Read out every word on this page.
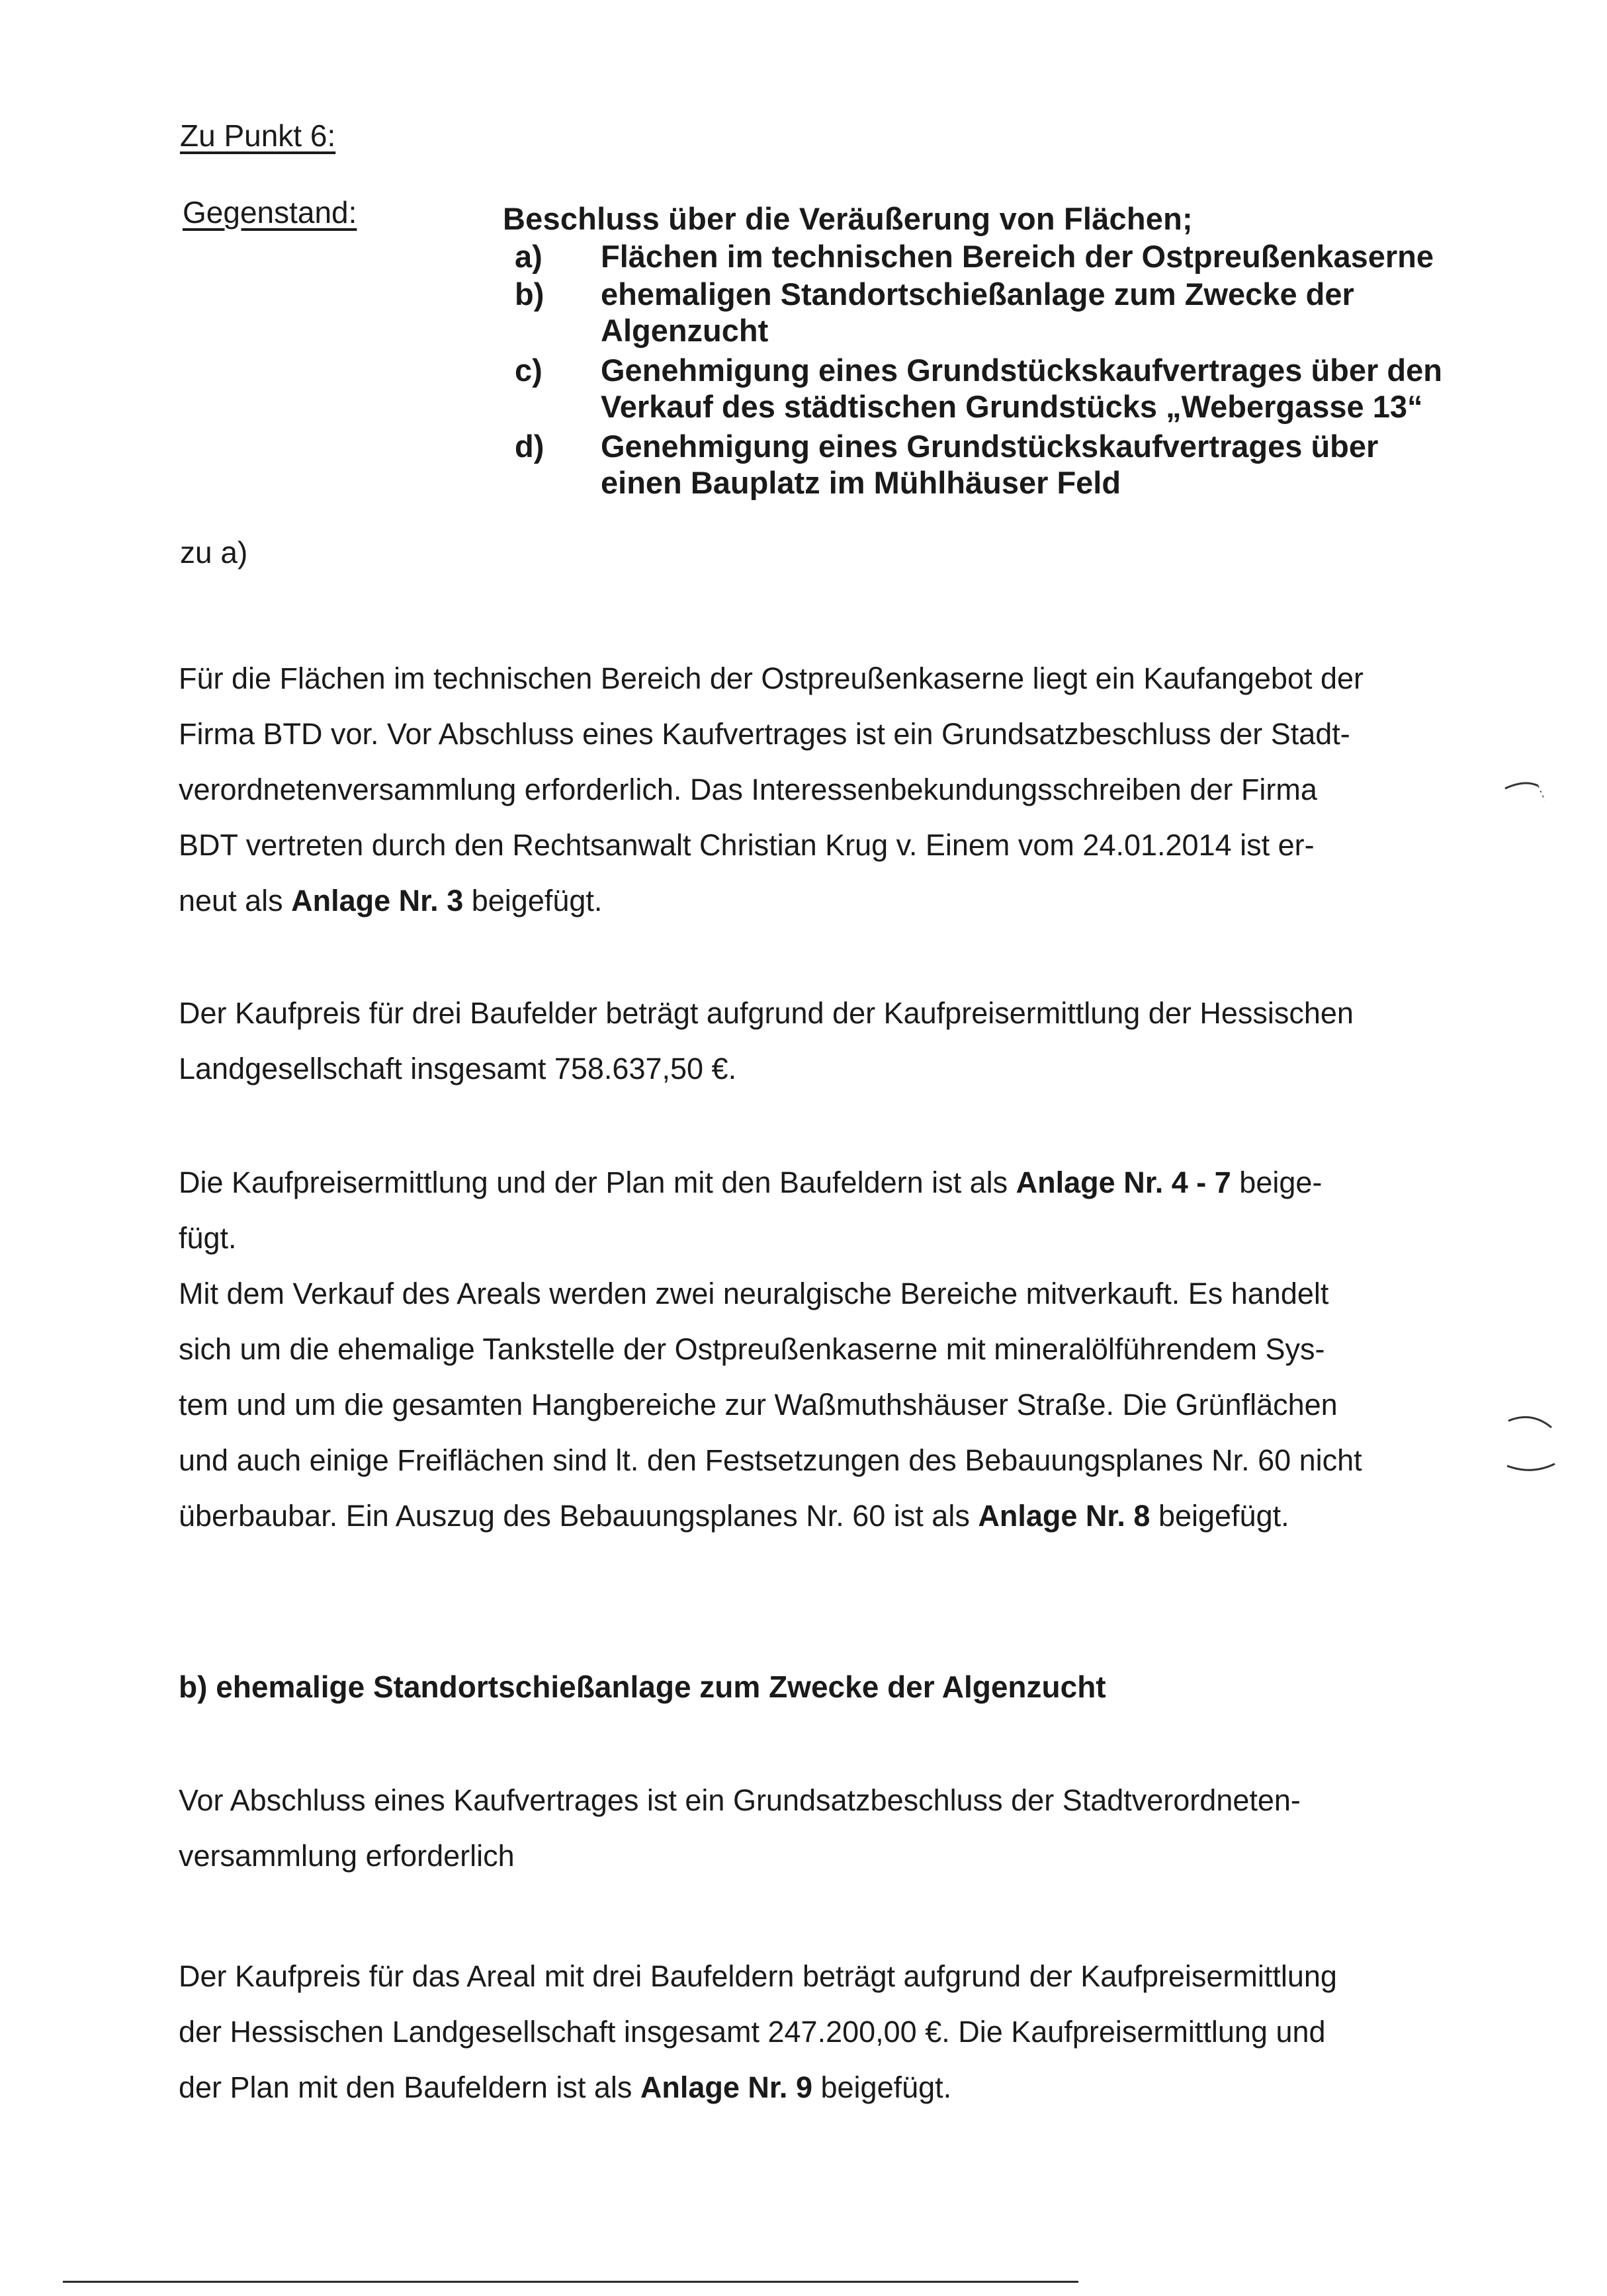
Zu Punkt 6:
Gegenstand:	Beschluss über die Veräußerung von Flächen;
a)	Flächen im technischen Bereich der Ostpreußenkaserne
b)	ehemaligen Standortschießanlage zum Zwecke der
Algenzucht
c)	Genehmigung eines Grundstückskaufvertrages über den
Verkauf des städtischen Grundstücks „Webergasse 13“
d)	Genehmigung eines Grundstückskaufvertrages über
einen Bauplatz im Mühlhäuser Feld
zu a)
Für die Flächen im technischen Bereich der Ostpreußenkaserne liegt ein Kaufangebot der
Firma BTD vor. Vor Abschluss eines Kaufvertrages ist ein Grundsatzbeschluss der Stadt-
verordnetenversammlung erforderlich. Das Interessenbekundungsschreiben der Firma
BDT vertreten durch den Rechtsanwalt Christian Krug v. Einem vom 24.01.2014 ist er-
neut als Anlage Nr. 3 beigefügt.
Der Kaufpreis für drei Baufelder beträgt aufgrund der Kaufpreisermittlung der Hessischen
Landgesellschaft insgesamt 758.637,50 €.
Die Kaufpreisermittlung und der Plan mit den Baufeldern ist als Anlage Nr. 4 - 7 beige-
fügt.
Mit dem Verkauf des Areals werden zwei neuralgische Bereiche mitverkauft. Es handelt
sich um die ehemalige Tankstelle der Ostpreußenkaserne mit mineralölführendem Sys-
tem und um die gesamten Hangbereiche zur Waßmuthshäuser Straße. Die Grünflächen
und auch einige Freiflächen sind lt. den Festsetzungen des Bebauungsplanes Nr. 60 nicht
überbaubar. Ein Auszug des Bebauungsplanes Nr. 60 ist als Anlage Nr. 8 beigefügt.
b) ehemalige Standortschießanlage zum Zwecke der Algenzucht
Vor Abschluss eines Kaufvertrages ist ein Grundsatzbeschluss der Stadtverordneten-
versammlung erforderlich
Der Kaufpreis für das Areal mit drei Baufeldern beträgt aufgrund der Kaufpreisermittlung
der Hessischen Landgesellschaft insgesamt 247.200,00 €. Die Kaufpreisermittlung und
der Plan mit den Baufeldern ist als Anlage Nr. 9 beigefügt.
